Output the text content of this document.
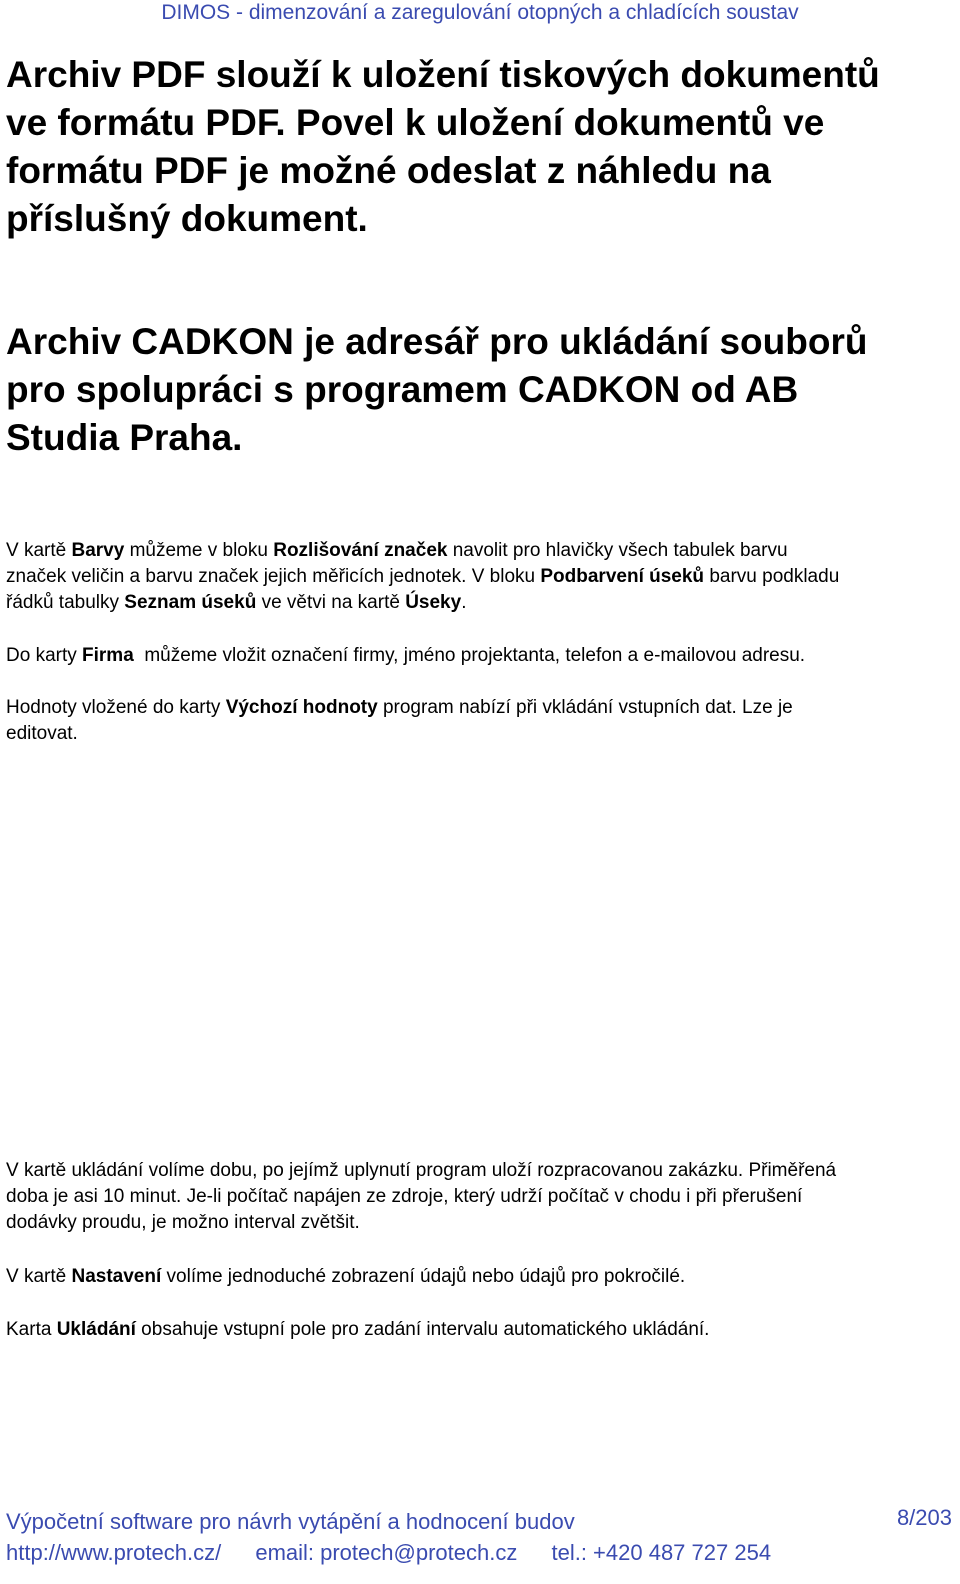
DIMOS - dimenzování a zaregulování otopných a chladících soustav
Archiv PDF slouží k uložení tiskových dokumentů
ve formátu PDF. Povel k uložení dokumentů ve
formátu PDF je možné odeslat z náhledu na
příslušný dokument.
Archiv CADKON je adresář pro ukládání souborů
pro spolupráci s programem CADKON od AB
Studia Praha.
V kartě Barvy můžeme v bloku Rozlišování značek navolit pro hlavičky všech tabulek barvu
značek veličin a barvu značek jejich měřicích jednotek. V bloku Podbarvení úseků barvu podkladu
řádků tabulky Seznam úseků ve větvi na kartě Úseky.
Do karty Firma  můžeme vložit označení firmy, jméno projektanta, telefon a e-mailovou adresu.
Hodnoty vložené do karty Výchozí hodnoty program nabízí při vkládání vstupních dat. Lze je
editovat.
V kartě ukládání volíme dobu, po jejímž uplynutí program uloží rozpracovanou zakázku. Přiměřená
doba je asi 10 minut. Je-li počítač napájen ze zdroje, který udrží počítač v chodu i při přerušení
dodávky proudu, je možno interval zvětšit.
V kartě Nastavení volíme jednoduché zobrazení údajů nebo údajů pro pokročilé.
Karta Ukládání obsahuje vstupní pole pro zadání intervalu automatického ukládání.
Výpočetní software pro návrh vytápění a hodnocení budov	8/203
http://www.protech.cz/ email: protech@protech.cz tel.: +420 487 727 254
